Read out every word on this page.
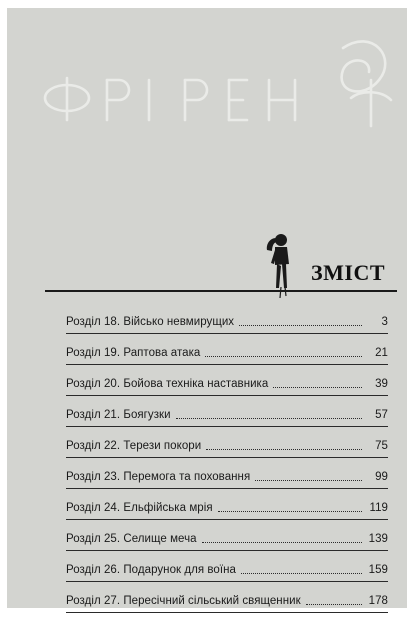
ЗМІСТ
Розділ 18. Військо невмирущих	3
Розділ 19. Раптова атака	21
Розділ 20. Бойова техніка наставника	39
Розділ 21. Боягузки	57
Розділ 22. Терези покори	75
Розділ 23. Перемога та поховання	99
Розділ 24. Ельфійська мрія	119
Розділ 25. Селище меча	139
Розділ 26. Подарунок для воїна	159
Розділ 27. Пересічний сільський священник	178
